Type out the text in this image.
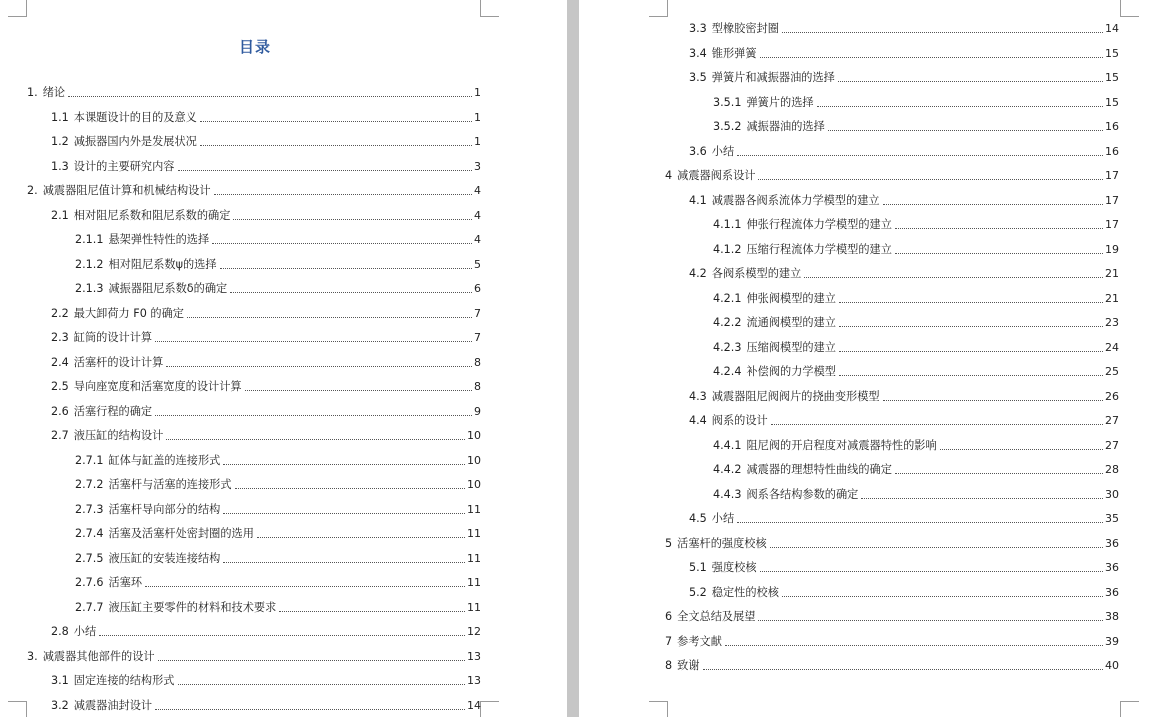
目录
1. 绪论	1
1.1 本课题设计的目的及意义	1
1.2 减振器国内外是发展状况	1
1.3 设计的主要研究内容	3
2. 减震器阻尼值计算和机械结构设计	4
2.1 相对阻尼系数和阻尼系数的确定	4
2.1.1 悬架弹性特性的选择	4
2.1.2 相对阻尼系数ψ的选择	5
2.1.3 减振器阻尼系数δ的确定	6
2.2 最大卸荷力 F0 的确定	7
2.3 缸筒的设计计算	7
2.4 活塞杆的设计计算	8
2.5 导向座宽度和活塞宽度的设计计算	8
2.6 活塞行程的确定	9
2.7 液压缸的结构设计	10
2.7.1 缸体与缸盖的连接形式	10
2.7.2 活塞杆与活塞的连接形式	10
2.7.3 活塞杆导向部分的结构	11
2.7.4 活塞及活塞杆处密封圈的选用	11
2.7.5 液压缸的安装连接结构	11
2.7.6 活塞环	11
2.7.7 液压缸主要零件的材料和技术要求	11
2.8 小结	12
3. 减震器其他部件的设计	13
3.1 固定连接的结构形式	13
3.2 减震器油封设计	14
3.3 型橡胶密封圈	14
3.4 锥形弹簧	15
3.5 弹簧片和减振器油的选择	15
3.5.1 弹簧片的选择	15
3.5.2 减振器油的选择	16
3.6 小结	16
4 减震器阀系设计	17
4.1 减震器各阀系流体力学模型的建立	17
4.1.1 伸张行程流体力学模型的建立	17
4.1.2 压缩行程流体力学模型的建立	19
4.2 各阀系模型的建立	21
4.2.1 伸张阀模型的建立	21
4.2.2 流通阀模型的建立	23
4.2.3 压缩阀模型的建立	24
4.2.4 补偿阀的力学模型	25
4.3 减震器阻尼阀阀片的挠曲变形模型	26
4.4 阀系的设计	27
4.4.1 阻尼阀的开启程度对减震器特性的影响	27
4.4.2 减震器的理想特性曲线的确定	28
4.4.3 阀系各结构参数的确定	30
4.5 小结	35
5 活塞杆的强度校核	36
5.1 强度校核	36
5.2 稳定性的校核	36
6 全文总结及展望	38
7 参考文献	39
8 致谢	40
